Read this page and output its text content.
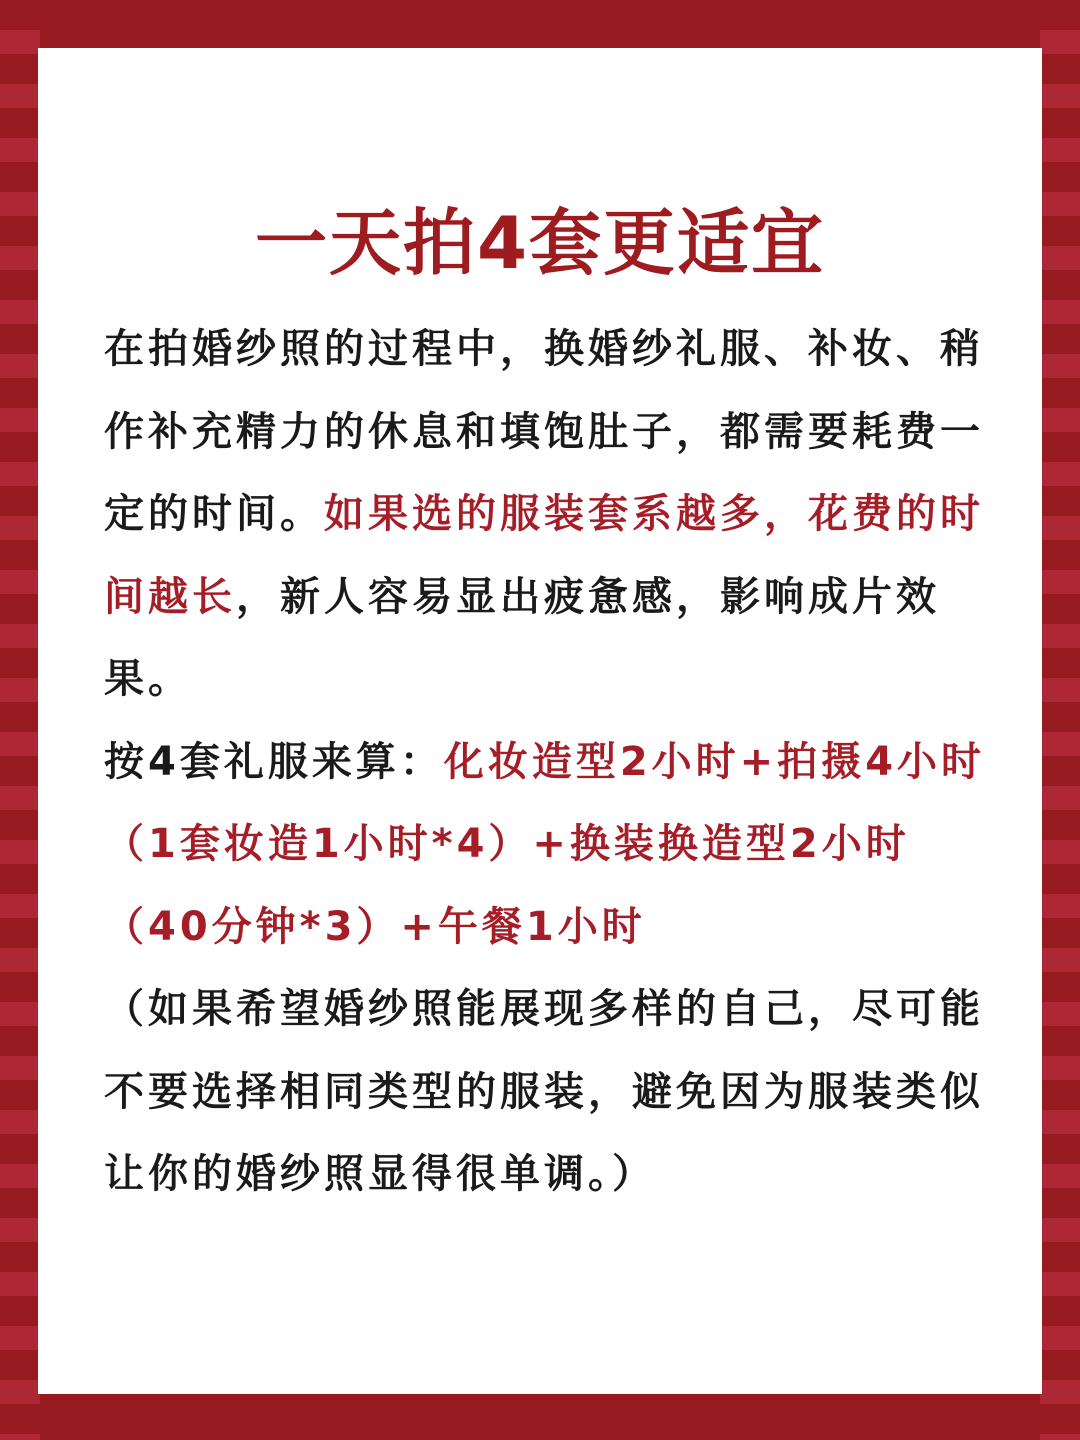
一天拍4套更适宜

在拍婚纱照的过程中，换婚纱礼服、补妆、稍作补充精力的休息和填饱肚子，都需要耗费一定的时间。如果选的服装套系越多，花费的时间越长，新人容易显出疲惫感，影响成片效果。

按4套礼服来算：化妆造型2小时+拍摄4小时（1套妆造1小时*4）+换装换造型2小时（40分钟*3）+午餐1小时

（如果希望婚纱照能展现多样的自己，尽可能不要选择相同类型的服装，避免因为服装类似让你的婚纱照显得很单调。）
